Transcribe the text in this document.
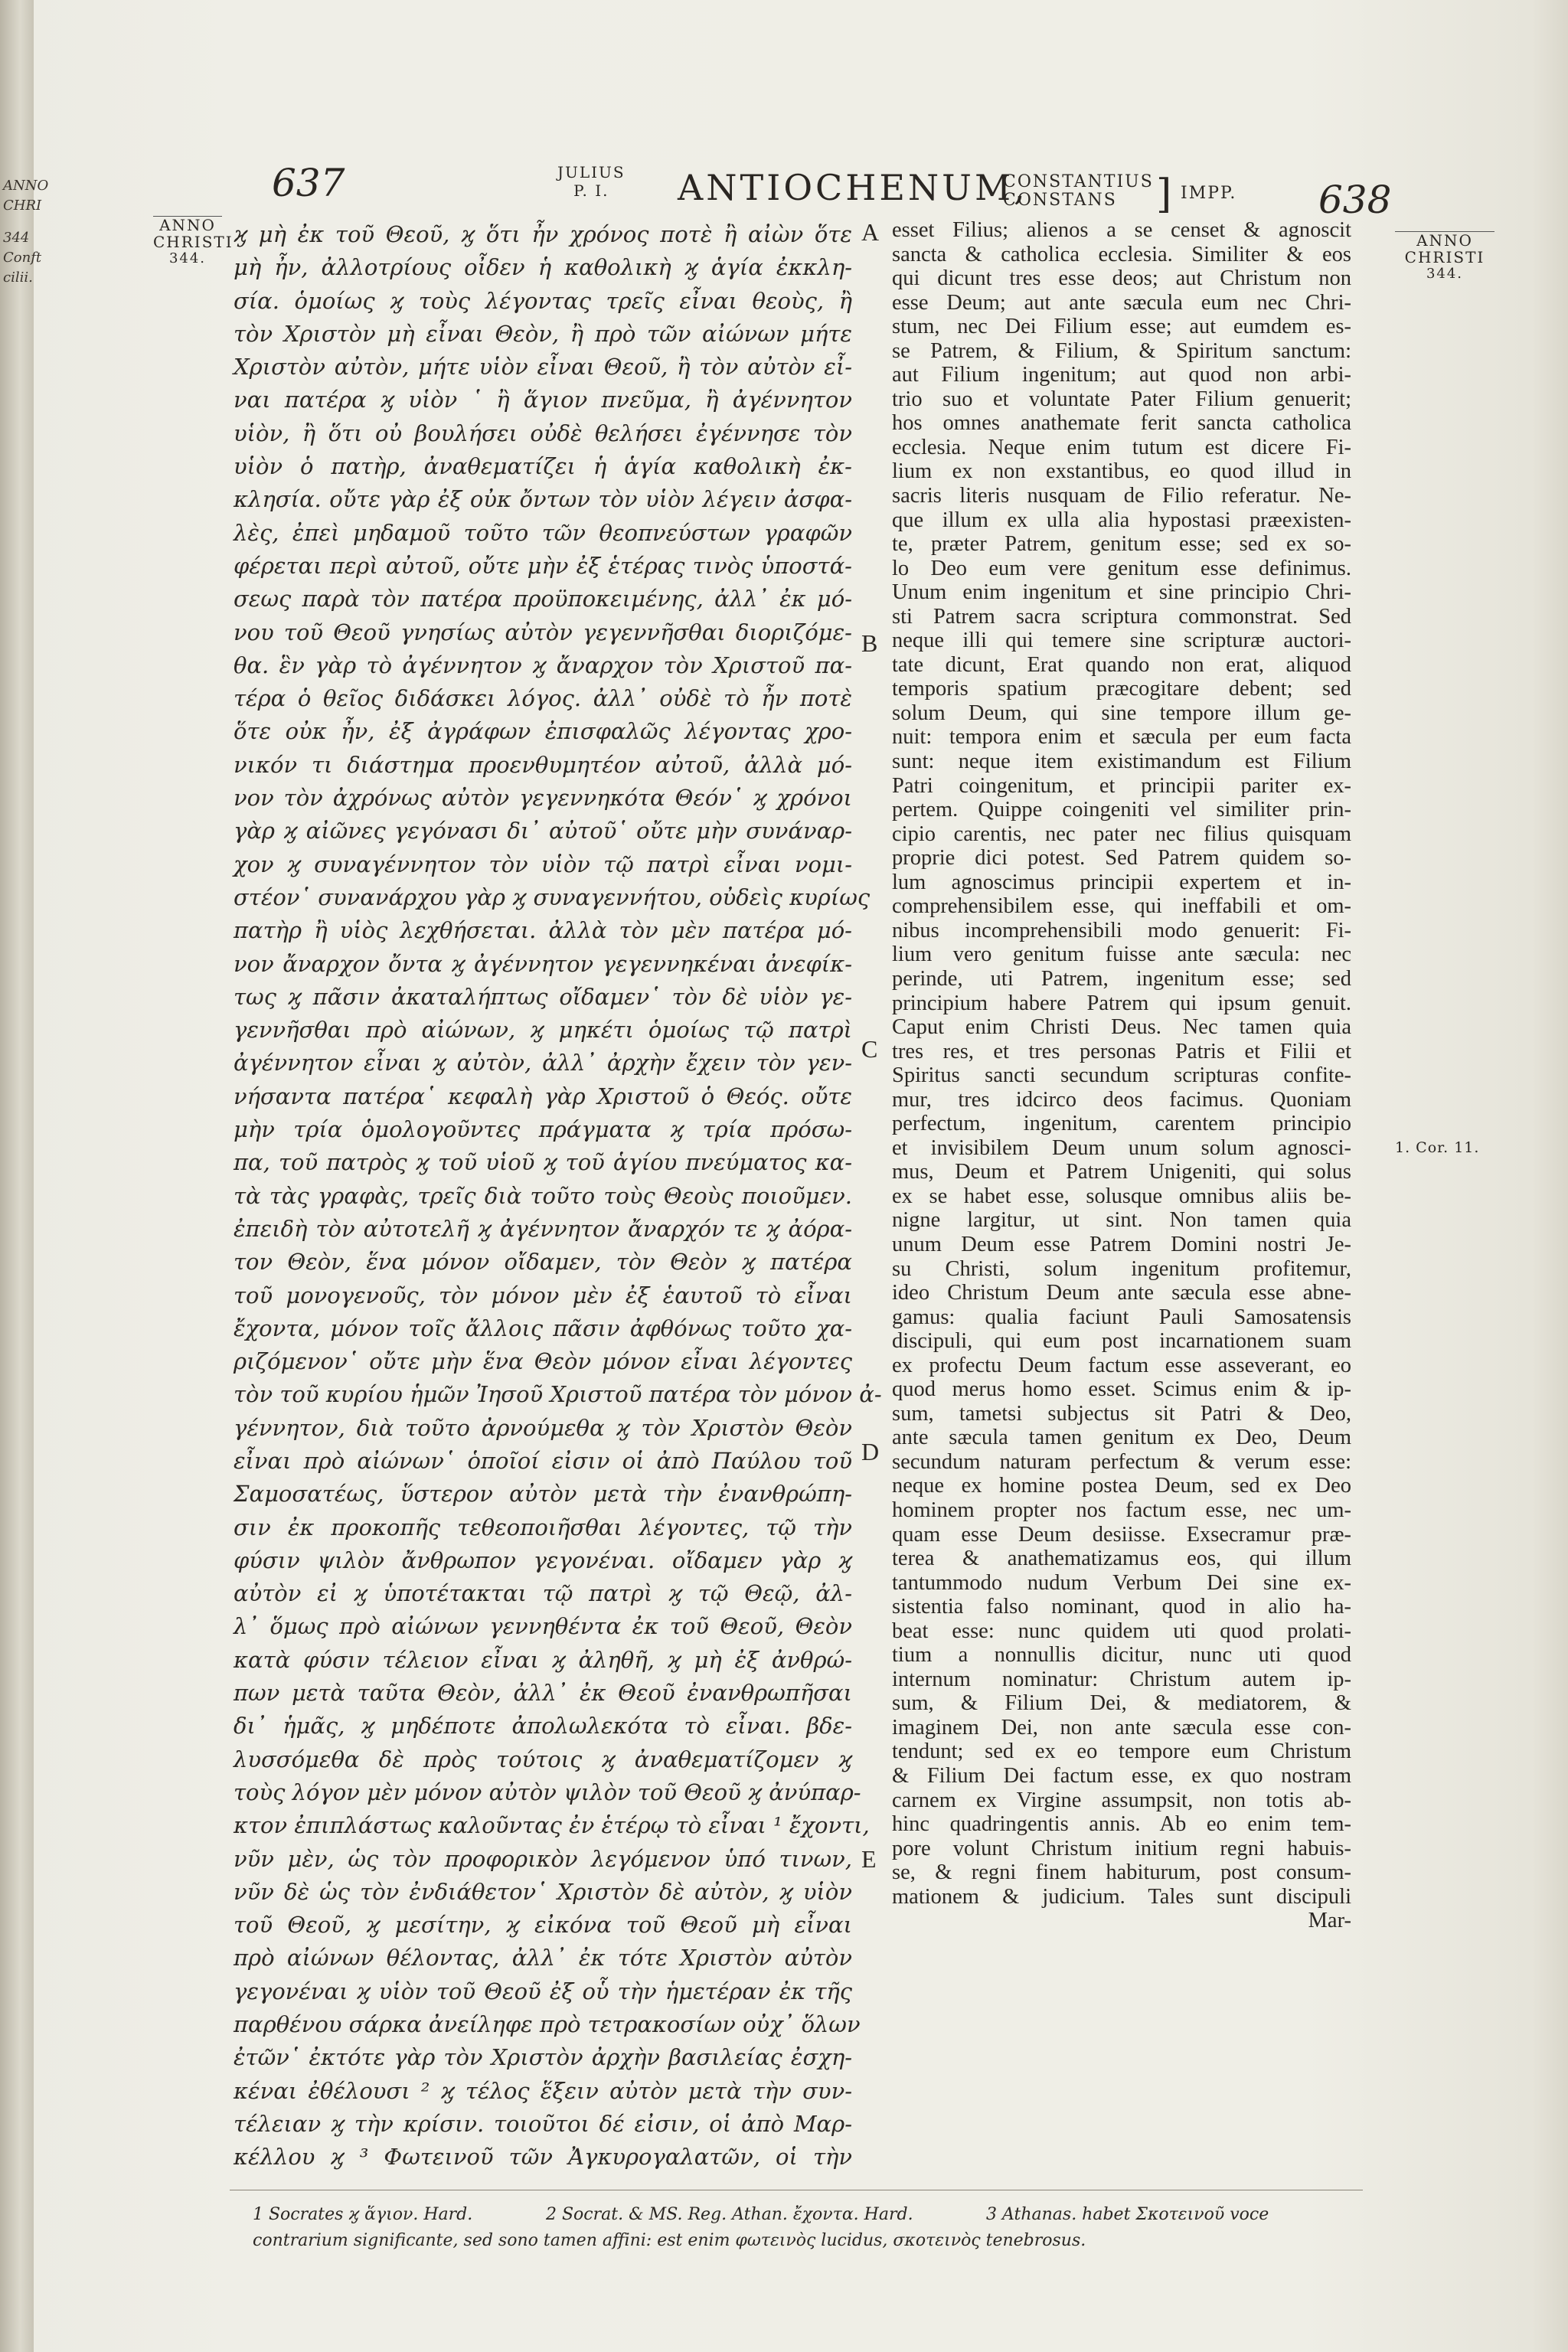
ANNO
CHRI
344
Conft
cilii.
637	JULIUS
P. I.	ANTIOCHENUM,
CONSTANTIUS
CONSTANS ] IMPP. 638
ANNO CHRISTI
344.
ANNO CHRISTI
344.
1. Cor. 11.
ϗ μὴ ἐκ τοῦ Θεοῦ, ϗ ὅτι ἦν χρόνος ποτὲ ἢ αἰὼν ὅτε
μὴ ἦν, ἀλλοτρίους οἶδεν ἡ καθολικὴ ϗ ἁγία ἐκκλη-
σία. ὁμοίως ϗ τοὺς λέγοντας τρεῖς εἶναι θεοὺς, ἢ
τὸν Χριστὸν μὴ εἶναι Θεὸν, ἢ πρὸ τῶν αἰώνων μήτε
Χριστὸν αὐτὸν, μήτε υἱὸν εἶναι Θεοῦ, ἢ τὸν αὐτὸν εἶ-
ναι πατέρα ϗ υἱὸν ῾ ἢ ἅγιον πνεῦμα, ἢ ἀγέννητον
υἱὸν, ἢ ὅτι οὐ βουλήσει οὐδὲ θελήσει ἐγέννησε τὸν
υἱὸν ὁ πατὴρ, ἀναθεματίζει ἡ ἁγία καθολικὴ ἐκ-
κλησία. οὔτε γὰρ ἐξ οὐκ ὄντων τὸν υἱὸν λέγειν ἀσφα-
λὲς, ἐπεὶ μηδαμοῦ τοῦτο τῶν θεοπνεύστων γραφῶν
φέρεται περὶ αὐτοῦ, οὔτε μὴν ἐξ ἑτέρας τινὸς ὑποστά-
σεως παρὰ τὸν πατέρα προϋποκειμένης, ἀλλ᾽ ἐκ μό-
νου τοῦ Θεοῦ γνησίως αὐτὸν γεγεννῆσθαι διοριζόμε-
θα. ἓν γὰρ τὸ ἀγέννητον ϗ ἄναρχον τὸν Χριστοῦ πα-
τέρα ὁ θεῖος διδάσκει λόγος. ἀλλ᾽ οὐδὲ τὸ ἦν ποτὲ
ὅτε οὐκ ἦν, ἐξ ἀγράφων ἐπισφαλῶς λέγοντας χρο-
νικόν τι διάστημα προενθυμητέον αὐτοῦ, ἀλλὰ μό-
νον τὸν ἀχρόνως αὐτὸν γεγεννηκότα Θεόν῾ ϗ χρόνοι
γὰρ ϗ αἰῶνες γεγόνασι δι᾽ αὐτοῦ῾ οὔτε μὴν συνάναρ-
χον ϗ συναγέννητον τὸν υἱὸν τῷ πατρὶ εἶναι νομι-
στέον῾ συνανάρχου γὰρ ϗ συναγεννήτου, οὐδεὶς κυρίως
πατὴρ ἢ υἱὸς λεχθήσεται. ἀλλὰ τὸν μὲν πατέρα μό-
νον ἄναρχον ὄντα ϗ ἀγέννητον γεγεννηκέναι ἀνεφίκ-
τως ϗ πᾶσιν ἀκαταλήπτως οἴδαμεν῾ τὸν δὲ υἱὸν γε-
γεννῆσθαι πρὸ αἰώνων, ϗ μηκέτι ὁμοίως τῷ πατρὶ
ἀγέννητον εἶναι ϗ αὐτὸν, ἀλλ᾽ ἀρχὴν ἔχειν τὸν γεν-
νήσαντα πατέρα῾ κεφαλὴ γὰρ Χριστοῦ ὁ Θεός. οὔτε
μὴν τρία ὁμολογοῦντες πράγματα ϗ τρία πρόσω-
πα, τοῦ πατρὸς ϗ τοῦ υἱοῦ ϗ τοῦ ἁγίου πνεύματος κα-
τὰ τὰς γραφὰς, τρεῖς διὰ τοῦτο τοὺς Θεοὺς ποιοῦμεν.
ἐπειδὴ τὸν αὐτοτελῆ ϗ ἀγέννητον ἄναρχόν τε ϗ ἀόρα-
τον Θεὸν, ἕνα μόνον οἴδαμεν, τὸν Θεὸν ϗ πατέρα
τοῦ μονογενοῦς, τὸν μόνον μὲν ἐξ ἑαυτοῦ τὸ εἶναι
ἔχοντα, μόνον τοῖς ἄλλοις πᾶσιν ἀφθόνως τοῦτο χα-
ριζόμενον῾ οὔτε μὴν ἕνα Θεὸν μόνον εἶναι λέγοντες
τὸν τοῦ κυρίου ἡμῶν Ἰησοῦ Χριστοῦ πατέρα τὸν μόνον ἀ-
γέννητον, διὰ τοῦτο ἀρνούμεθα ϗ τὸν Χριστὸν Θεὸν
εἶναι πρὸ αἰώνων῾ ὁποῖοί εἰσιν οἱ ἀπὸ Παύλου τοῦ
Σαμοσατέως, ὕστερον αὐτὸν μετὰ τὴν ἐνανθρώπη-
σιν ἐκ προκοπῆς τεθεοποιῆσθαι λέγοντες, τῷ τὴν
φύσιν ψιλὸν ἄνθρωπον γεγονέναι. οἴδαμεν γὰρ ϗ
αὐτὸν εἰ ϗ ὑποτέτακται τῷ πατρὶ ϗ τῷ Θεῷ, ἀλ-
λ᾽ ὅμως πρὸ αἰώνων γεννηθέντα ἐκ τοῦ Θεοῦ, Θεὸν
κατὰ φύσιν τέλειον εἶναι ϗ ἀληθῆ, ϗ μὴ ἐξ ἀνθρώ-
πων μετὰ ταῦτα Θεὸν, ἀλλ᾽ ἐκ Θεοῦ ἐνανθρωπῆσαι
δι᾽ ἡμᾶς, ϗ μηδέποτε ἀπολωλεκότα τὸ εἶναι. βδε-
λυσσόμεθα δὲ πρὸς τούτοις ϗ ἀναθεματίζομεν ϗ
τοὺς λόγον μὲν μόνον αὐτὸν ψιλὸν τοῦ Θεοῦ ϗ ἀνύπαρ-
κτον ἐπιπλάστως καλοῦντας ἐν ἑτέρῳ τὸ εἶναι ¹ ἔχοντι,
νῦν μὲν, ὡς τὸν προφορικὸν λεγόμενον ὑπό τινων,
νῦν δὲ ὡς τὸν ἐνδιάθετον῾ Χριστὸν δὲ αὐτὸν, ϗ υἱὸν
τοῦ Θεοῦ, ϗ μεσίτην, ϗ εἰκόνα τοῦ Θεοῦ μὴ εἶναι
πρὸ αἰώνων θέλοντας, ἀλλ᾽ ἐκ τότε Χριστὸν αὐτὸν
γεγονέναι ϗ υἱὸν τοῦ Θεοῦ ἐξ οὗ τὴν ἡμετέραν ἐκ τῆς
παρθένου σάρκα ἀνείληφε πρὸ τετρακοσίων οὐχ᾽ ὅλων
ἐτῶν῾ ἐκτότε γὰρ τὸν Χριστὸν ἀρχὴν βασιλείας ἐσχη-
κέναι ἐθέλουσι ² ϗ τέλος ἕξειν αὐτὸν μετὰ τὴν συν-
τέλειαν ϗ τὴν κρίσιν. τοιοῦτοι δέ εἰσιν, οἱ ἀπὸ Μαρ-
κέλλου ϗ ³ Φωτεινοῦ τῶν Ἀγκυρογαλατῶν, οἱ τὴν
A
B
C
D
E
esset Filius; alienos a se censet & agnoscit
sancta & catholica ecclesia. Similiter & eos
qui dicunt tres esse deos; aut Christum non
esse Deum; aut ante sæcula eum nec Chri-
stum, nec Dei Filium esse; aut eumdem es-
se Patrem, & Filium, & Spiritum sanctum:
aut Filium ingenitum; aut quod non arbi-
trio suo et voluntate Pater Filium genuerit;
hos omnes anathemate ferit sancta catholica
ecclesia. Neque enim tutum est dicere Fi-
lium ex non exstantibus, eo quod illud in
sacris literis nusquam de Filio referatur. Ne-
que illum ex ulla alia hypostasi præexisten-
te, præter Patrem, genitum esse; sed ex so-
lo Deo eum vere genitum esse definimus.
Unum enim ingenitum et sine principio Chri-
sti Patrem sacra scriptura commonstrat. Sed
neque illi qui temere sine scripturæ auctori-
tate dicunt, Erat quando non erat, aliquod
temporis spatium præcogitare debent; sed
solum Deum, qui sine tempore illum ge-
nuit: tempora enim et sæcula per eum facta
sunt: neque item existimandum est Filium
Patri coingenitum, et principii pariter ex-
pertem. Quippe coingeniti vel similiter prin-
cipio carentis, nec pater nec filius quisquam
proprie dici potest. Sed Patrem quidem so-
lum agnoscimus principii expertem et in-
comprehensibilem esse, qui ineffabili et om-
nibus incomprehensibili modo genuerit: Fi-
lium vero genitum fuisse ante sæcula: nec
perinde, uti Patrem, ingenitum esse; sed
principium habere Patrem qui ipsum genuit.
Caput enim Christi Deus. Nec tamen quia
tres res, et tres personas Patris et Filii et
Spiritus sancti secundum scripturas confite-
mur, tres idcirco deos facimus. Quoniam
perfectum, ingenitum, carentem principio
et invisibilem Deum unum solum agnosci-
mus, Deum et Patrem Unigeniti, qui solus
ex se habet esse, solusque omnibus aliis be-
nigne largitur, ut sint. Non tamen quia
unum Deum esse Patrem Domini nostri Je-
su Christi, solum ingenitum profitemur,
ideo Christum Deum ante sæcula esse abne-
gamus: qualia faciunt Pauli Samosatensis
discipuli, qui eum post incarnationem suam
ex profectu Deum factum esse asseverant, eo
quod merus homo esset. Scimus enim & ip-
sum, tametsi subjectus sit Patri & Deo,
ante sæcula tamen genitum ex Deo, Deum
secundum naturam perfectum & verum esse:
neque ex homine postea Deum, sed ex Deo
hominem propter nos factum esse, nec um-
quam esse Deum desiisse. Exsecramur præ-
terea & anathematizamus eos, qui illum
tantummodo nudum Verbum Dei sine ex-
sistentia falso nominant, quod in alio ha-
beat esse: nunc quidem uti quod prolati-
tium a nonnullis dicitur, nunc uti quod
internum nominatur: Christum autem ip-
sum, & Filium Dei, & mediatorem, &
imaginem Dei, non ante sæcula esse con-
tendunt; sed ex eo tempore eum Christum
& Filium Dei factum esse, ex quo nostram
carnem ex Virgine assumpsit, non totis ab-
hinc quadringentis annis. Ab eo enim tem-
pore volunt Christum initium regni habuis-
se, & regni finem habiturum, post consum-
mationem & judicium. Tales sunt discipuli
Mar-
1 Socrates ϗ ἅγιον. Hard.	2 Socrat. & MS. Reg. Athan. ἔχοντα. Hard.	3 Athanas. habet Σκοτεινοῦ voce
contrarium significante, sed sono tamen affini: est enim φωτεινὸς lucidus, σκοτεινὸς tenebrosus.
